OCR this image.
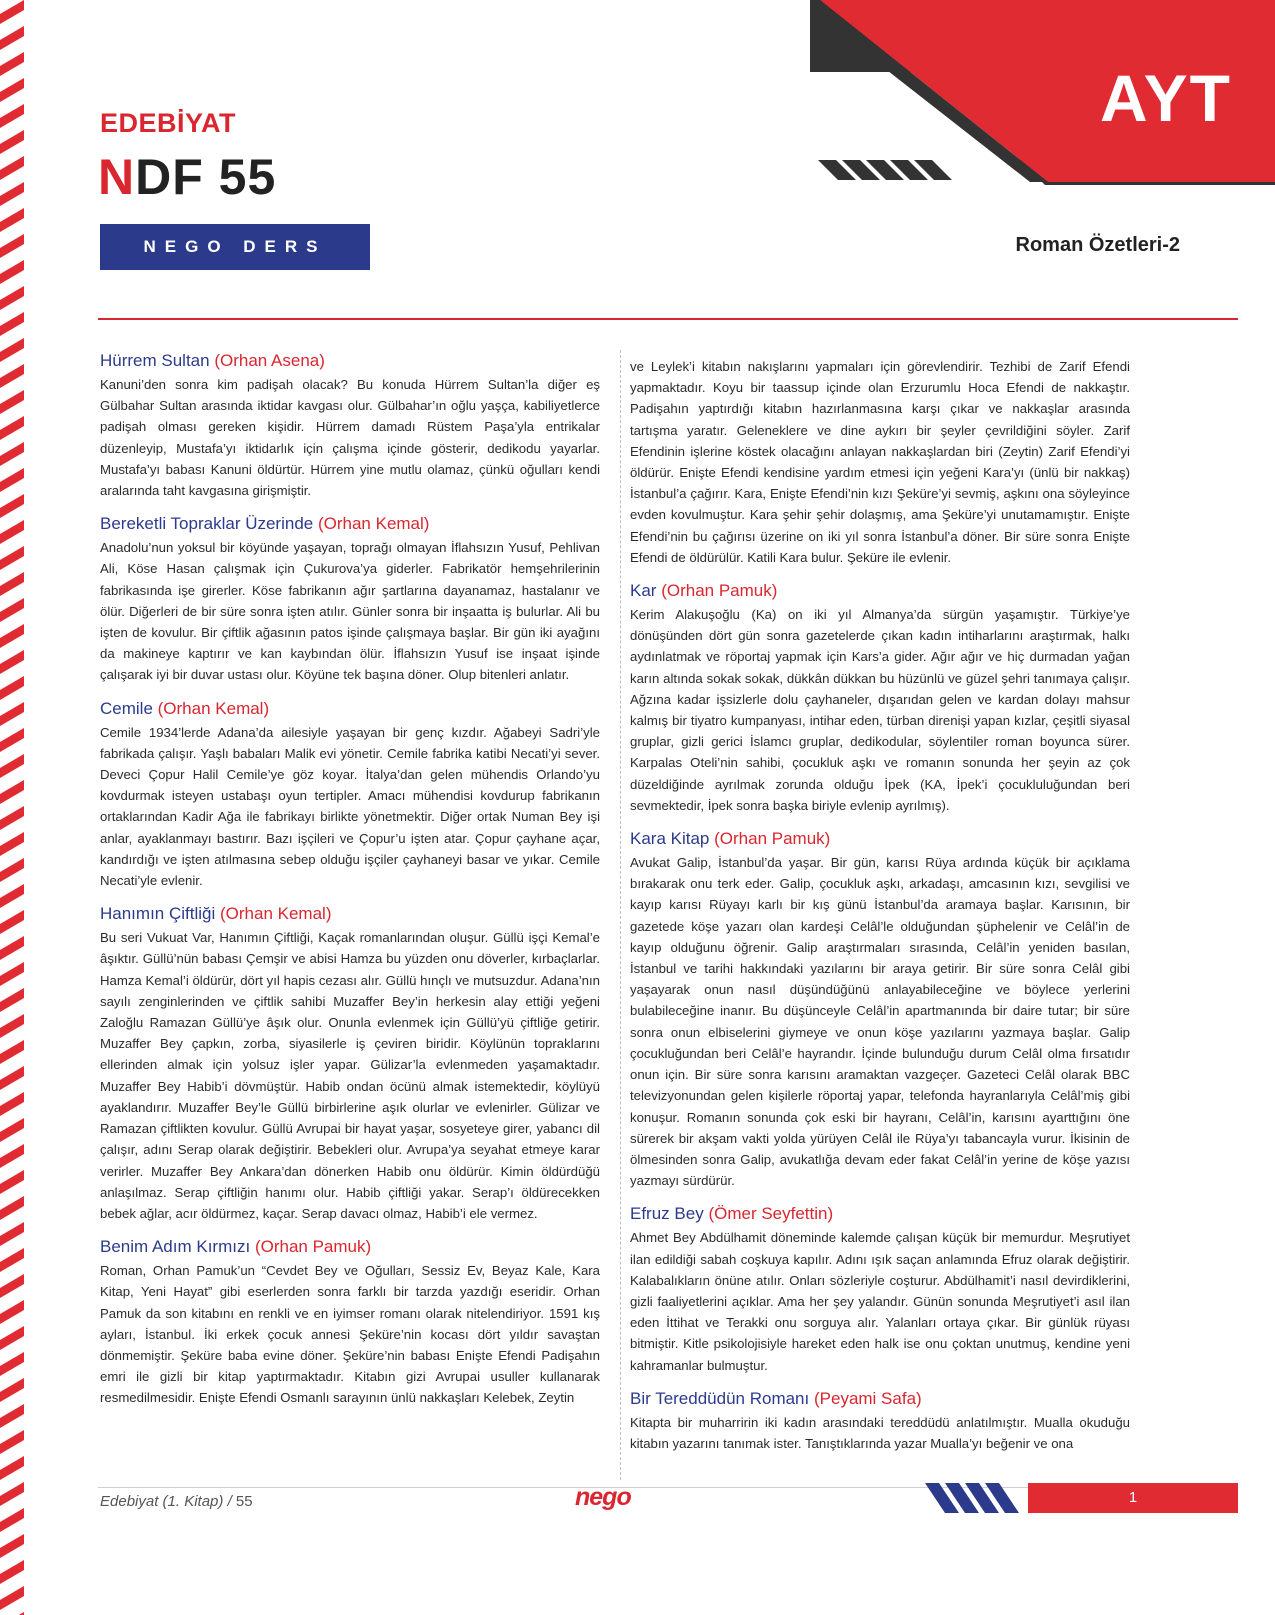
EDEBİYAT
NDF 55
NEGO DERS FÖYÜ
AYT
Roman Özetleri-2
Hürrem Sultan (Orhan Asena)

Kanuni’den sonra kim padişah olacak? Bu konuda Hürrem Sultan’la diğer eş Gülbahar Sultan arasında iktidar kavgası olur. Gülbahar’ın oğlu yaşça, kabiliyetlerce padişah olması gereken kişidir. Hürrem damadı Rüstem Paşa’yla entrikalar düzenleyip, Mustafa’yı iktidarlık için çalışma içinde gösterir, dedikodu yayarlar. Mustafa’yı babası Kanuni öldürtür. Hürrem yine mutlu olamaz, çünkü oğulları kendi aralarında taht kavgasına girişmiştir.

Bereketli Topraklar Üzerinde (Orhan Kemal)

Anadolu’nun yoksul bir köyünde yaşayan, toprağı olmayan İflahsızın Yusuf, Pehlivan Ali, Köse Hasan çalışmak için Çukurova’ya giderler. Fabrikatör hemşehrilerinin fabrikasında işe girerler. Köse fabrikanın ağır şartlarına dayanamaz, hastalanır ve ölür. Diğerleri de bir süre sonra işten atılır. Günler sonra bir inşaatta iş bulurlar. Ali bu işten de kovulur. Bir çiftlik ağasının patos işinde çalışmaya başlar. Bir gün iki ayağını da makineye kaptırır ve kan kaybından ölür. İflahsızın Yusuf ise inşaat işinde çalışarak iyi bir duvar ustası olur. Köyüne tek başına döner. Olup bitenleri anlatır.

Cemile (Orhan Kemal)

Cemile 1934’lerde Adana’da ailesiyle yaşayan bir genç kızdır. Ağabeyi Sadri’yle fabrikada çalışır. Yaşlı babaları Malik evi yönetir. Cemile fabrika katibi Necati’yi sever. Deveci Çopur Halil Cemile’ye göz koyar. İtalya’dan gelen mühendis Orlando’yu kovdurmak isteyen ustabaşı oyun tertipler. Amacı mühendisi kovdurup fabrikanın ortaklarından Kadir Ağa ile fabrikayı birlikte yönetmektir. Diğer ortak Numan Bey işi anlar, ayaklanmayı bastırır. Bazı işçileri ve Çopur’u işten atar. Çopur çayhane açar, kandırdığı ve işten atılmasına sebep olduğu işçiler çayhaneyi basar ve yıkar. Cemile Necati’yle evlenir.

Hanımın Çiftliği (Orhan Kemal)

Bu seri Vukuat Var, Hanımın Çiftliği, Kaçak romanlarından oluşur. Güllü işçi Kemal’e âşıktır. Güllü’nün babası Çemşir ve abisi Hamza bu yüzden onu döverler, kırbaçlarlar. Hamza Kemal’i öldürür, dört yıl hapis cezası alır. Güllü hınçlı ve mutsuzdur. Adana’nın sayılı zenginlerinden ve çiftlik sahibi Muzaffer Bey’in herkesin alay ettiği yeğeni Zaloğlu Ramazan Güllü’ye âşık olur. Onunla evlenmek için Güllü’yü çiftliğe getirir. Muzaffer Bey çapkın, zorba, siyasilerle iş çeviren biridir. Köylünün topraklarını ellerinden almak için yolsuz işler yapar. Gülizar’la evlenmeden yaşamaktadır. Muzaffer Bey Habib’i dövmüştür. Habib ondan öcünü almak istemektedir, köylüyü ayaklandırır. Muzaffer Bey’le Güllü birbirlerine aşık olurlar ve evlenirler. Gülizar ve Ramazan çiftlikten kovulur. Güllü Avrupai bir hayat yaşar, sosyeteye girer, yabancı dil çalışır, adını Serap olarak değiştirir. Bebekleri olur. Avrupa’ya seyahat etmeye karar verirler. Muzaffer Bey Ankara’dan dönerken Habib onu öldürür. Kimin öldürdüğü anlaşılmaz. Serap çiftliğin hanımı olur. Habib çiftliği yakar. Serap’ı öldürecekken bebek ağlar, acır öldürmez, kaçar. Serap davacı olmaz, Habib’i ele vermez.

Benim Adım Kırmızı (Orhan Pamuk)

Roman, Orhan Pamuk’un “Cevdet Bey ve Oğulları, Sessiz Ev, Beyaz Kale, Kara Kitap, Yeni Hayat” gibi eserlerden sonra farklı bir tarzda yazdığı eseridir. Orhan Pamuk da son kitabını en renkli ve en iyimser romanı olarak nitelendiriyor. 1591 kış ayları, İstanbul. İki erkek çocuk annesi Şeküre’nin kocası dört yıldır savaştan dönmemiştir. Şeküre baba evine döner. Şeküre’nin babası Enişte Efendi Padişahın emri ile gizli bir kitap yaptırmaktadır. Kitabın gizi Avrupai usuller kullanarak resmedilmesidir. Enişte Efendi Osmanlı sarayının ünlü nakkaşları Kelebek, Zeytin

ve Leylek’i kitabın nakışlarını yapmaları için görevlendirir. Tezhibi de Zarif Efendi yapmaktadır. Koyu bir taassup içinde olan Erzurumlu Hoca Efendi de nakkaştır. Padişahın yaptırdığı kitabın hazırlanmasına karşı çıkar ve nakkaşlar arasında tartışma yaratır. Geleneklere ve dine aykırı bir şeyler çevrildiğini söyler. Zarif Efendinin işlerine köstek olacağını anlayan nakkaşlardan biri (Zeytin) Zarif Efendi’yi öldürür. Enişte Efendi kendisine yardım etmesi için yeğeni Kara’yı (ünlü bir nakkaş) İstanbul’a çağırır. Kara, Enişte Efendi’nin kızı Şeküre’yi sevmiş, aşkını ona söyleyince evden kovulmuştur. Kara şehir şehir dolaşmış, ama Şeküre’yi unutamamıştır. Enişte Efendi’nin bu çağırısı üzerine on iki yıl sonra İstanbul’a döner. Bir süre sonra Enişte Efendi de öldürülür. Katili Kara bulur. Şeküre ile evlenir.

Kar (Orhan Pamuk)

Kerim Alakuşoğlu (Ka) on iki yıl Almanya’da sürgün yaşamıştır. Türkiye’ye dönüşünden dört gün sonra gazetelerde çıkan kadın intiharlarını araştırmak, halkı aydınlatmak ve röportaj yapmak için Kars’a gider. Ağır ağır ve hiç durmadan yağan karın altında sokak sokak, dükkân dükkan bu hüzünlü ve güzel şehri tanımaya çalışır. Ağzına kadar işsizlerle dolu çayhaneler, dışarıdan gelen ve kardan dolayı mahsur kalmış bir tiyatro kumpanyası, intihar eden, türban direnişi yapan kızlar, çeşitli siyasal gruplar, gizli gerici İslamcı gruplar, dedikodular, söylentiler roman boyunca sürer. Karpalas Oteli’nin sahibi, çocukluk aşkı ve romanın sonunda her şeyin az çok düzeldiğinde ayrılmak zorunda olduğu İpek (KA, İpek’i çocukluluğundan beri sevmektedir, İpek sonra başka biriyle evlenip ayrılmış).

Kara Kitap (Orhan Pamuk)

Avukat Galip, İstanbul’da yaşar. Bir gün, karısı Rüya ardında küçük bir açıklama bırakarak onu terk eder. Galip, çocukluk aşkı, arkadaşı, amcasının kızı, sevgilisi ve kayıp karısı Rüyayı karlı bir kış günü İstanbul’da aramaya başlar. Karısının, bir gazetede köşe yazarı olan kardeşi Celâl’le olduğundan şüphelenir ve Celâl’in de kayıp olduğunu öğrenir. Galip araştırmaları sırasında, Celâl’in yeniden basılan, İstanbul ve tarihi hakkındaki yazılarını bir araya getirir. Bir süre sonra Celâl gibi yaşayarak onun nasıl düşündüğünü anlayabileceğine ve böylece yerlerini bulabileceğine inanır. Bu düşünceyle Celâl’in apartmanında bir daire tutar; bir süre sonra onun elbiselerini giymeye ve onun köşe yazılarını yazmaya başlar. Galip çocukluğundan beri Celâl’e hayrandır. İçinde bulunduğu durum Celâl olma fırsatıdır onun için. Bir süre sonra karısını aramaktan vazgeçer. Gazeteci Celâl olarak BBC televizyonundan gelen kişilerle röportaj yapar, telefonda hayranlarıyla Celâl’miş gibi konuşur. Romanın sonunda çok eski bir hayranı, Celâl’in, karısını ayarttığını öne sürerek bir akşam vakti yolda yürüyen Celâl ile Rüya’yı tabancayla vurur. İkisinin de ölmesinden sonra Galip, avukatlığa devam eder fakat Celâl’in yerine de köşe yazısı yazmayı sürdürür.

Efruz Bey (Ömer Seyfettin)

Ahmet Bey Abdülhamit döneminde kalemde çalışan küçük bir memurdur. Meşrutiyet ilan edildiği sabah coşkuya kapılır. Adını ışık saçan anlamında Efruz olarak değiştirir. Kalabalıkların önüne atılır. Onları sözleriyle coşturur. Abdülhamit’i nasıl devirdiklerini, gizli faaliyetlerini açıklar. Ama her şey yalandır. Günün sonunda Meşrutiyet’i asıl ilan eden İttihat ve Terakki onu sorguya alır. Yalanları ortaya çıkar. Bir günlük rüyası bitmiştir. Kitle psikolojisiyle hareket eden halk ise onu çoktan unutmuş, kendine yeni kahramanlar bulmuştur.

Bir Tereddüdün Romanı (Peyami Safa)

Kitapta bir muharririn iki kadın arasındaki tereddüdü anlatılmıştır. Mualla okuduğu kitabın yazarını tanımak ister. Tanıştıklarında yazar Mualla’yı beğenir ve ona

Edebiyat (1. Kitap) / 55	nego	1
